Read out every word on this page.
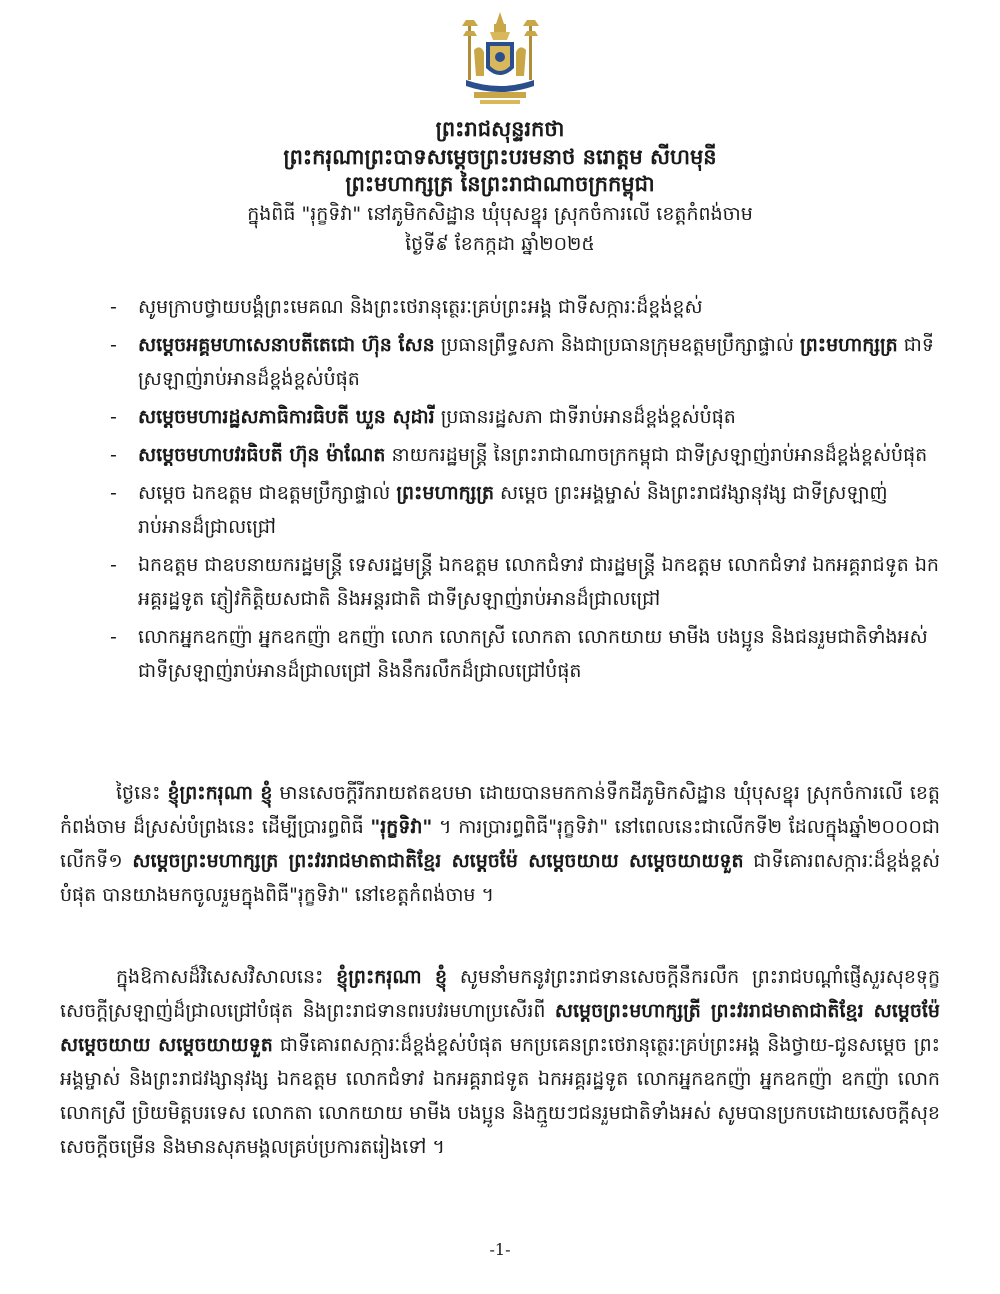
ព្រះរាជសុន្ទរកថា
ព្រះករុណាព្រះបាទសម្តេចព្រះបរមនាថ នរោត្តម សីហមុនី
ព្រះមហាក្សត្រ នៃព្រះរាជាណាចក្រកម្ពុជា
ក្នុងពិធី "រុក្ខទិវា" នៅភូមិកសិដ្ឋាន ឃុំបុសខ្នុរ ស្រុកចំការលើ ខេត្តកំពង់ចាម
ថ្ងៃទី៩ ខែកក្កដា ឆ្នាំ២០២៥
- សូមក្រាបថ្វាយបង្គំព្រះមេគណ និងព្រះថេរានុត្ថេរៈគ្រប់ព្រះអង្គ ជាទីសក្ការៈដ៏ខ្ពង់ខ្ពស់
- សម្តេចអគ្គមហាសេនាបតីតេជោ ហ៊ុន សែន ប្រធានព្រឹទ្ធសភា និងជាប្រធានក្រុមឧត្តមប្រឹក្សាផ្ទាល់ ព្រះមហាក្សត្រ ជាទីស្រឡាញ់រាប់អានដ៏ខ្ពង់ខ្ពស់បំផុត
- សម្តេចមហារដ្ឋសភាធិការធិបតី ឃួន សុដារី ប្រធានរដ្ឋសភា ជាទីរាប់អានដ៏ខ្ពង់ខ្ពស់បំផុត
- សម្តេចមហាបវរធិបតី ហ៊ុន ម៉ាណែត នាយករដ្ឋមន្ត្រី នៃព្រះរាជាណាចក្រកម្ពុជា ជាទីស្រឡាញ់រាប់អានដ៏ខ្ពង់ខ្ពស់បំផុត
- សម្តេច ឯកឧត្តម ជាឧត្តមប្រឹក្សាផ្ទាល់ ព្រះមហាក្សត្រ សម្តេច ព្រះអង្គម្ចាស់ និងព្រះរាជវង្សានុវង្ស ជាទីស្រឡាញ់រាប់អានដ៏ជ្រាលជ្រៅ
- ឯកឧត្តម ជាឧបនាយករដ្ឋមន្ត្រី ទេសរដ្ឋមន្ត្រី ឯកឧត្តម លោកជំទាវ ជារដ្ឋមន្ត្រី ឯកឧត្តម លោកជំទាវ ឯកអគ្គរាជទូត ឯកអគ្គរដ្ឋទូត ភ្ញៀវកិត្តិយសជាតិ និងអន្តរជាតិ ជាទីស្រឡាញ់រាប់អានដ៏ជ្រាលជ្រៅ
- លោកអ្នកឧកញ៉ា អ្នកឧកញ៉ា ឧកញ៉ា លោក លោកស្រី លោកតា លោកយាយ មាមីង បងប្អូន និងជនរួមជាតិទាំងអស់ ជាទីស្រឡាញ់រាប់អានដ៏ជ្រាលជ្រៅ និងនឹករលឹកដ៏ជ្រាលជ្រៅបំផុត

ថ្ងៃនេះ ខ្ញុំព្រះករុណា ខ្ញុំ មានសេចក្តីរីករាយឥតឧបមា ដោយបានមកកាន់ទឹកដីភូមិកសិដ្ឋាន ឃុំបុសខ្នុរ ស្រុកចំការលើ ខេត្តកំពង់ចាម ដ៏ស្រស់បំព្រងនេះ ដើម្បីប្រារព្ធពិធី "រុក្ខទិវា" ។ ការប្រារព្ធពិធី"រុក្ខទិវា" នៅពេលនេះជាលើកទី២ ដែលក្នុងឆ្នាំ២០០០ជាលើកទី១ សម្តេចព្រះមហាក្សត្រ ព្រះវររាជមាតាជាតិខ្មែរ សម្តេចម៉ែ សម្តេចយាយ សម្តេចយាយទួត ជាទីគោរពសក្ការៈដ៏ខ្ពង់ខ្ពស់បំផុត បានយាងមកចូលរួមក្នុងពិធី"រុក្ខទិវា" នៅខេត្តកំពង់ចាម ។

ក្នុងឱកាសដ៏វិសេសវិសាលនេះ ខ្ញុំព្រះករុណា ខ្ញុំ សូមនាំមកនូវព្រះរាជទានសេចក្តីនឹករលឹក ព្រះរាជបណ្តាំផ្ញើសួរសុខទុក្ខ សេចក្តីស្រឡាញ់ដ៏ជ្រាលជ្រៅបំផុត និងព្រះរាជទានពរបវរមហាប្រសើរពី សម្តេចព្រះមហាក្សត្រី ព្រះវររាជមាតាជាតិខ្មែរ សម្តេចម៉ែ សម្តេចយាយ សម្តេចយាយទួត ជាទីគោរពសក្ការៈដ៏ខ្ពង់ខ្ពស់បំផុត មកប្រគេនព្រះថេរានុត្ថេរៈគ្រប់ព្រះអង្គ និងថ្វាយ-ជូនសម្តេច ព្រះអង្គម្ចាស់ និងព្រះរាជវង្សានុវង្ស ឯកឧត្តម លោកជំទាវ ឯកអគ្គរាជទូត ឯកអគ្គរដ្ឋទូត លោកអ្នកឧកញ៉ា អ្នកឧកញ៉ា ឧកញ៉ា លោក លោកស្រី ប្រិយមិត្តបរទេស លោកតា លោកយាយ មាមីង បងប្អូន និងក្មួយៗជនរួមជាតិទាំងអស់ សូមបានប្រកបដោយសេចក្តីសុខ សេចក្តីចម្រើន និងមានសុភមង្គលគ្រប់ប្រការតរៀងទៅ ។

-1-
